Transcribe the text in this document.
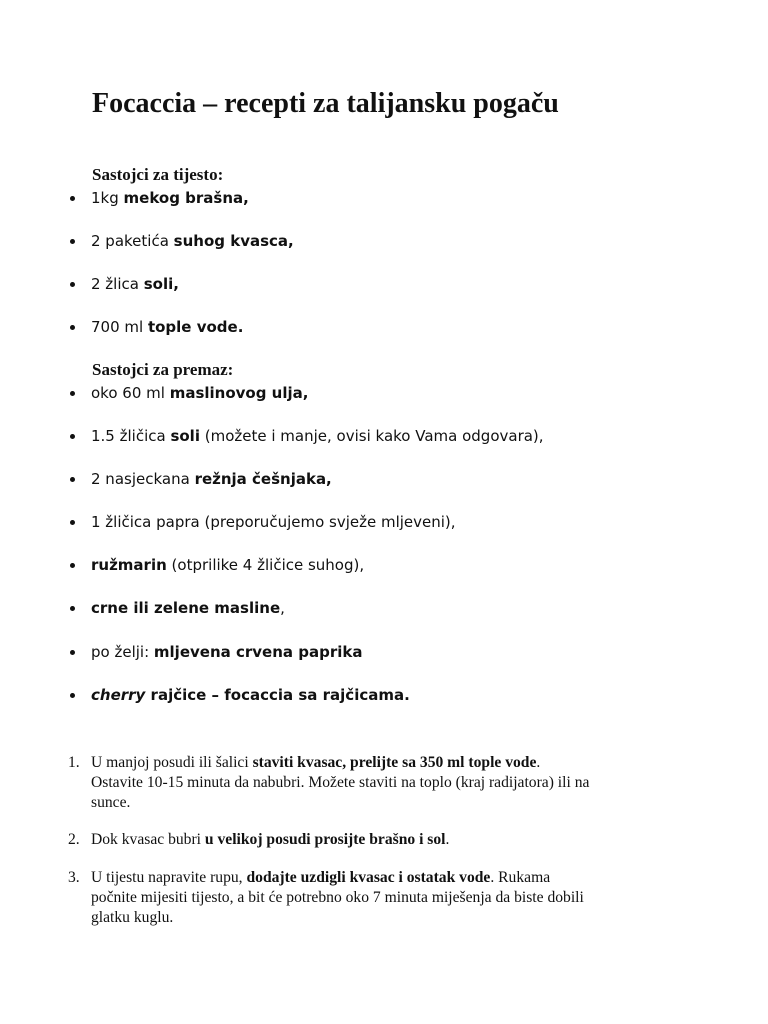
Focaccia – recepti za talijansku pogaču
Sastojci za tijesto:
1kg mekog brašna,
2 paketića suhog kvasca,
2 žlica soli,
700 ml tople vode.
Sastojci za premaz:
oko 60 ml maslinovog ulja,
1.5 žličica soli (možete i manje, ovisi kako Vama odgovara),
2 nasjeckana režnja češnjaka,
1 žličica papra (preporučujemo svježe mljeveni),
ružmarin (otprilike 4 žličice suhog),
crne ili zelene masline,
po želji: mljevena crvena paprika
cherry rajčice – focaccia sa rajčicama.
1. U manjoj posudi ili šalici staviti kvasac, prelijte sa 350 ml tople vode.
Ostavite 10-15 minuta da nabubri. Možete staviti na toplo (kraj radijatora) ili na
sunce.
2. Dok kvasac bubri u velikoj posudi prosijte brašno i sol.
3. U tijestu napravite rupu, dodajte uzdigli kvasac i ostatak vode. Rukama
počnite mijesiti tijesto, a bit će potrebno oko 7 minuta miješenja da biste dobili
glatku kuglu.
